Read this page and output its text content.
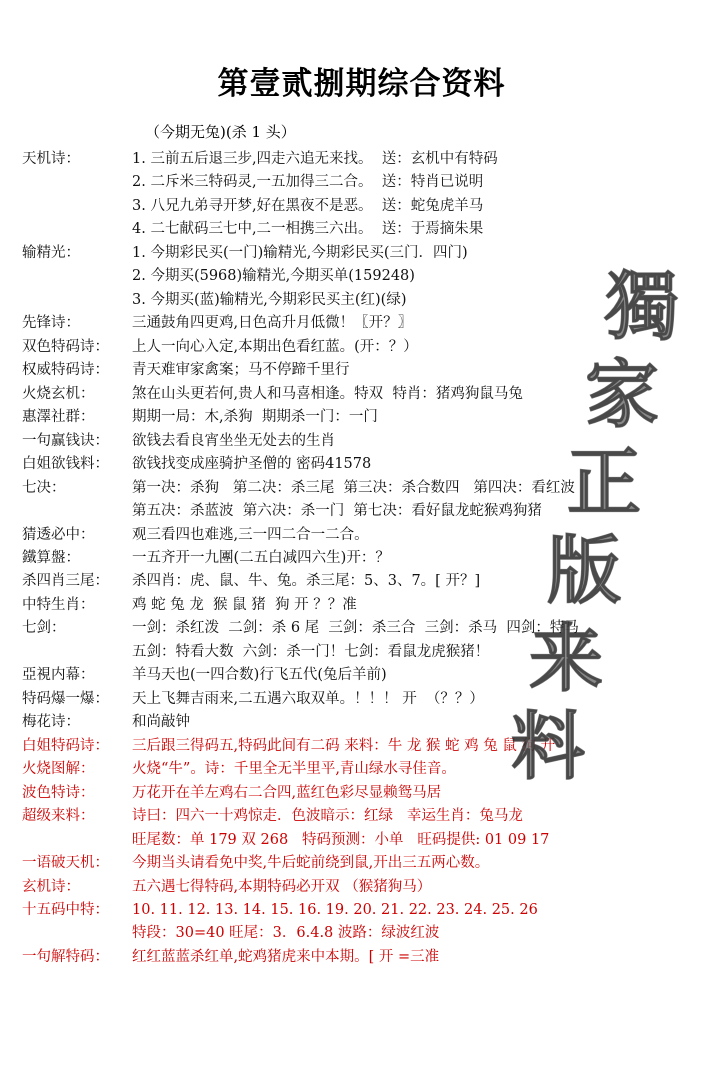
第壹贰捌期综合资料
（今期无兔)(杀 1 头）
天机诗：	1. 三前五后退三步,四走六追无来找。  送：玄机中有特码
2. 二斥米三特码灵,一五加得三二合。  送：特肖已说明
3. 八兄九弟寻开梦,好在黑夜不是恶。  送：蛇兔虎羊马
4. 二七献码三七中,二一相携三六出。  送：于焉摘朱果
输精光：	1. 今期彩民买(一门)输精光,今期彩民买(三门．四门)
2. 今期买(5968)输精光,今期买单(159248)
3. 今期买(蓝)输精光,今期彩民买主(红)(绿)
先锋诗：	三通鼓角四更鸡,日色高升月低微！〖开？〗
双色特码诗：	上人一向心入定,本期出色看红蓝。(开：？）
权威特码诗：	青天难审家禽案；马不停蹄千里行
火烧玄机：	煞在山头更若何,贵人和马喜相逢。特双  特肖：猪鸡狗鼠马兔
惠澤社群：	期期一局：木,杀狗  期期杀一门：一门
一句赢钱诀：	欲钱去看良宵坐坐无处去的生肖
白姐欲钱料：	欲钱找变成座骑护圣僧的 密码41578
七决：	第一决：杀狗   第二决：杀三尾  第三决：杀合数四   第四决：看红波
第五决：杀蓝波  第六决：杀一门  第七决：看好鼠龙蛇猴鸡狗猪
猜透必中：	观三看四也难逃,三一四二合一二合。
鐵算盤：	一五齐开一九團(二五白减四六生)开：？
杀四肖三尾：	杀四肖：虎、鼠、牛、兔。杀三尾：5、3、7。[ 开？]
中特生肖：	鸡 蛇 兔 龙  猴 鼠 猪  狗 开 ？？准
七剑：	一剑：杀红泼  二剑：杀 6 尾  三剑：杀三合  三剑：杀马  四剑：特马
五剑：特看大数  六剑：杀一门！七剑：看鼠龙虎猴猪！
亞視内幕：	羊马天也(一四合数)行飞五代(兔后羊前)
特码爆一爆：	天上飞舞吉雨来,二五遇六取双单。！！！ 开  （？？）
梅花诗：	和尚敲钟
白姐特码诗：	三后跟三得码五,特码此间有二码 来料：牛 龙 猴 蛇 鸡 兔 鼠 狗 开
火烧图解：	火烧“牛”。诗：千里全无半里平,青山绿水寻佳音。
波色特诗：	万花开在羊左鸡右二合四,蓝红色彩尽显赖鸳马居
超级来料：	诗曰：四六一十鸡惊走．色波暗示：红绿   幸运生肖：兔马龙
旺尾数：单 179 双 268   特码预测：小单   旺码提供: 01 09 17
一语破天机：	今期当头请看免中奖,牛后蛇前绕到鼠,开出三五两心数。
玄机诗：	五六遇七得特码,本期特码必开双 （猴猪狗马）
十五码中特：	10. 11. 12. 13. 14. 15. 16. 19. 20. 21. 22. 23. 24. 25. 26
特段：30=40 旺尾：3．6.4.8 波路：绿波红波
一句解特码：	红红蓝蓝杀红单,蛇鸡猪虎来中本期。[ 开 =三准
獨
家
正
版
来
料
